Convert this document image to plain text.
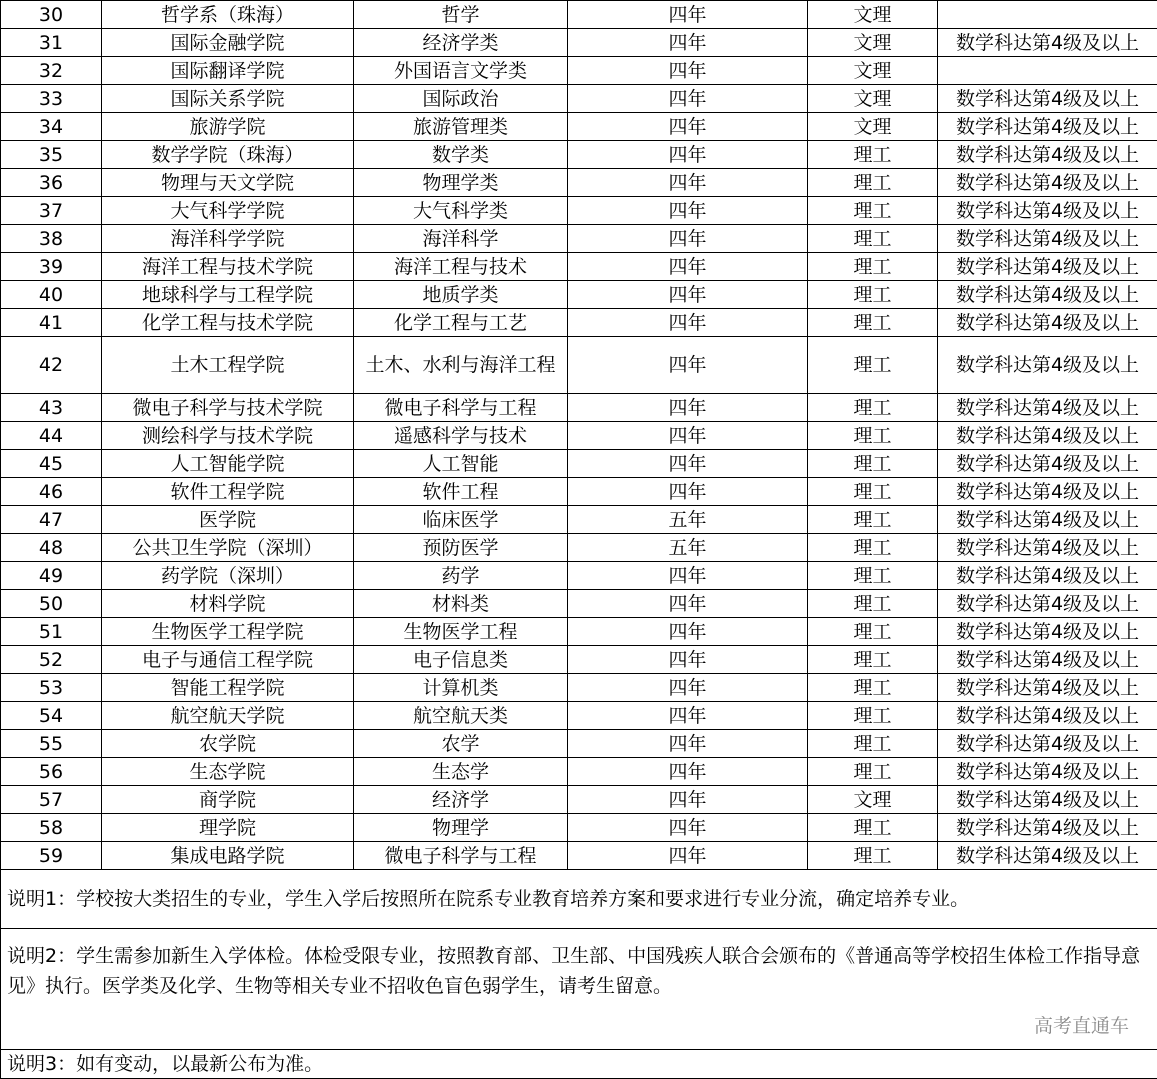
30	哲学系（珠海）	哲学	四年	文理	
31	国际金融学院	经济学类	四年	文理	数学科达第4级及以上
32	国际翻译学院	外国语言文学类	四年	文理	
33	国际关系学院	国际政治	四年	文理	数学科达第4级及以上
34	旅游学院	旅游管理类	四年	文理	数学科达第4级及以上
35	数学学院（珠海）	数学类	四年	理工	数学科达第4级及以上
36	物理与天文学院	物理学类	四年	理工	数学科达第4级及以上
37	大气科学学院	大气科学类	四年	理工	数学科达第4级及以上
38	海洋科学学院	海洋科学	四年	理工	数学科达第4级及以上
39	海洋工程与技术学院	海洋工程与技术	四年	理工	数学科达第4级及以上
40	地球科学与工程学院	地质学类	四年	理工	数学科达第4级及以上
41	化学工程与技术学院	化学工程与工艺	四年	理工	数学科达第4级及以上
42	土木工程学院	土木、水利与海洋工程	四年	理工	数学科达第4级及以上
43	微电子科学与技术学院	微电子科学与工程	四年	理工	数学科达第4级及以上
44	测绘科学与技术学院	遥感科学与技术	四年	理工	数学科达第4级及以上
45	人工智能学院	人工智能	四年	理工	数学科达第4级及以上
46	软件工程学院	软件工程	四年	理工	数学科达第4级及以上
47	医学院	临床医学	五年	理工	数学科达第4级及以上
48	公共卫生学院（深圳）	预防医学	五年	理工	数学科达第4级及以上
49	药学院（深圳）	药学	四年	理工	数学科达第4级及以上
50	材料学院	材料类	四年	理工	数学科达第4级及以上
51	生物医学工程学院	生物医学工程	四年	理工	数学科达第4级及以上
52	电子与通信工程学院	电子信息类	四年	理工	数学科达第4级及以上
53	智能工程学院	计算机类	四年	理工	数学科达第4级及以上
54	航空航天学院	航空航天类	四年	理工	数学科达第4级及以上
55	农学院	农学	四年	理工	数学科达第4级及以上
56	生态学院	生态学	四年	理工	数学科达第4级及以上
57	商学院	经济学	四年	文理	数学科达第4级及以上
58	理学院	物理学	四年	理工	数学科达第4级及以上
59	集成电路学院	微电子科学与工程	四年	理工	数学科达第4级及以上
说明1：学校按大类招生的专业，学生入学后按照所在院系专业教育培养方案和要求进行专业分流，确定培养专业。					
说明2：学生需参加新生入学体检。体检受限专业，按照教育部、卫生部、中国残疾人联合会颁布的《普通高等学校招生体检工作指导意见》执行。医学类及化学、生物等相关专业不招收色盲色弱学生，请考生留意。					
说明3：如有变动，以最新公布为准。					
高考直通车
